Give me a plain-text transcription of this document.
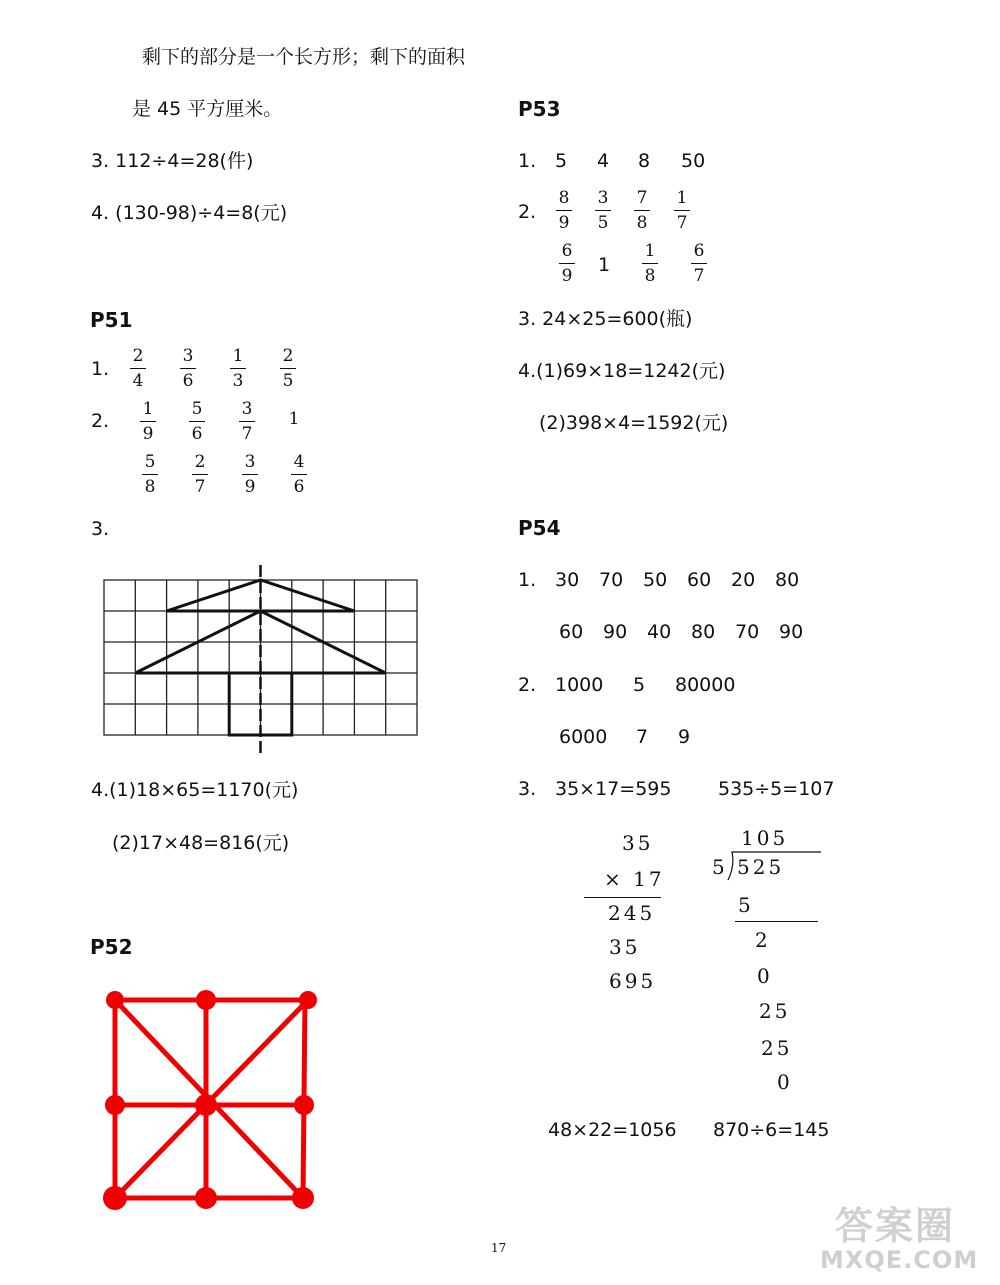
剩下的部分是一个长方形；剩下的面积
是 45 平方厘米。
3. 112÷4=28(件)
4. (130-98)÷4=8(元)
P51
1.
2.
2
4
3
6
1
3
2
5
1
9
5
6
3
7
1
5
8
2
7
3
9
4
6
3.
4.(1)18×65=1170(元)
(2)17×48=816(元)
P52
P53
1. 5 4 8 50
2.
8
9
3
5
7
8
1
7
6
9 1
1
8
6
7
3. 24×25=600(瓶)
4.(1)69×18=1242(元)
(2)398×4=1592(元)
P54
1. 30 70 50 60 20 80
60 90 40 80 70 90
2. 1000 5 80000
6000 7 9
3. 35×17=595 535÷5=107
35
× 17
245
35
695
105
5 525
5
2
0
25
25
0
48×22=1056 870÷6=145
17	答案圈
MXQE.COM
